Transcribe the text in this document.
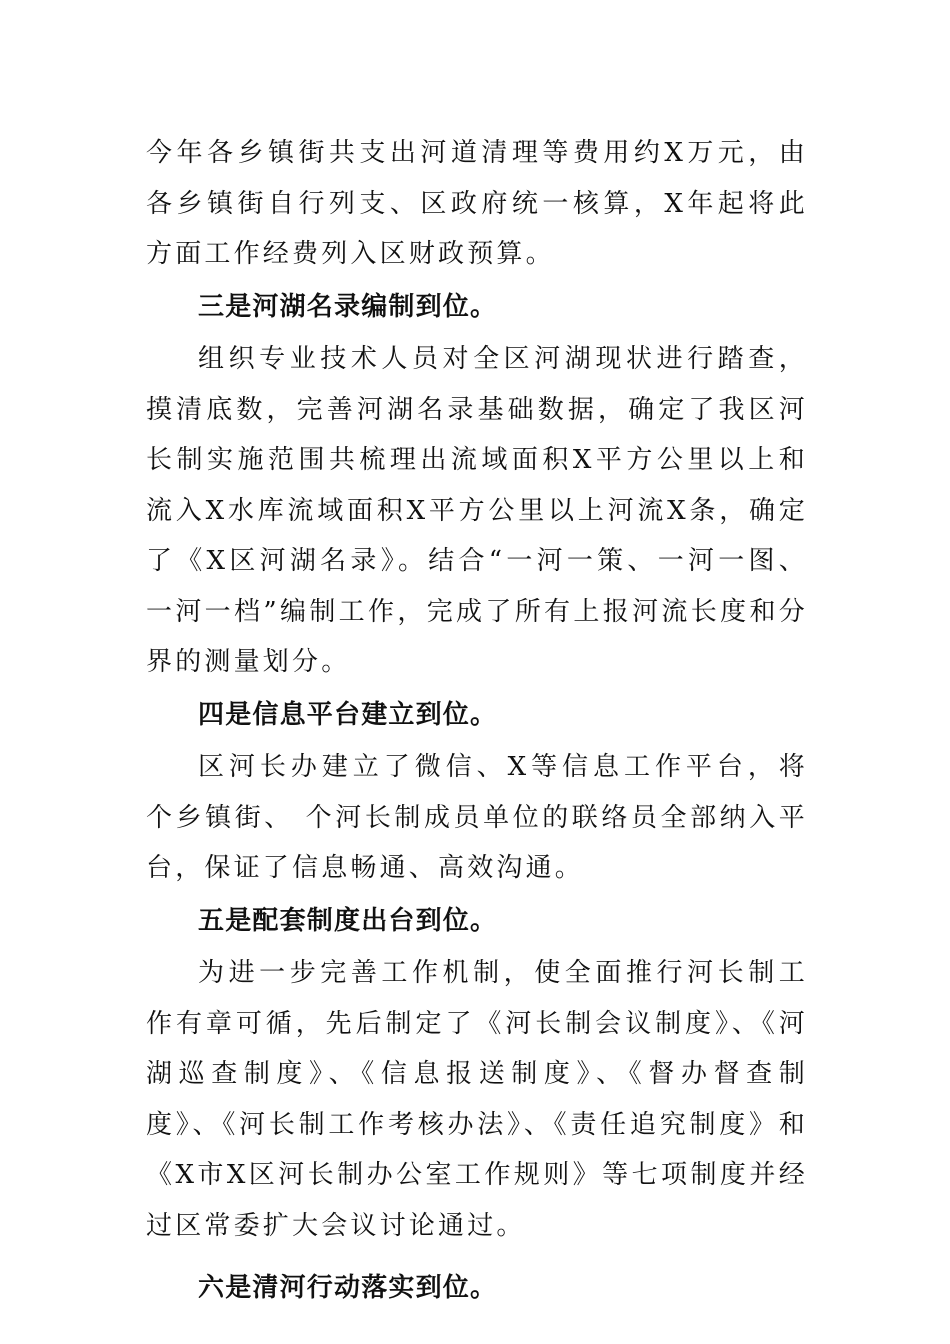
今年各乡镇街共支出河道清理等费用约X万元，由各乡镇街自行列支、区政府统一核算，X年起将此方面工作经费列入区财政预算。

三是河湖名录编制到位。

组织专业技术人员对全区河湖现状进行踏查，摸清底数，完善河湖名录基础数据，确定了我区河长制实施范围共梳理出流域面积X平方公里以上和流入X水库流域面积X平方公里以上河流X条，确定了《X区河湖名录》。结合“一河一策、一河一图、一河一档”编制工作，完成了所有上报河流长度和分界的测量划分。

四是信息平台建立到位。

区河长办建立了微信、X等信息工作平台，将 个乡镇街、 个河长制成员单位的联络员全部纳入平台，保证了信息畅通、高效沟通。

五是配套制度出台到位。

为进一步完善工作机制，使全面推行河长制工作有章可循，先后制定了《河长制会议制度》、《河湖巡查制度》、《信息报送制度》、《督办督查制度》、《河长制工作考核办法》、《责任追究制度》和《X市X区河长制办公室工作规则》等七项制度并经过区常委扩大会议讨论通过。

六是清河行动落实到位。
